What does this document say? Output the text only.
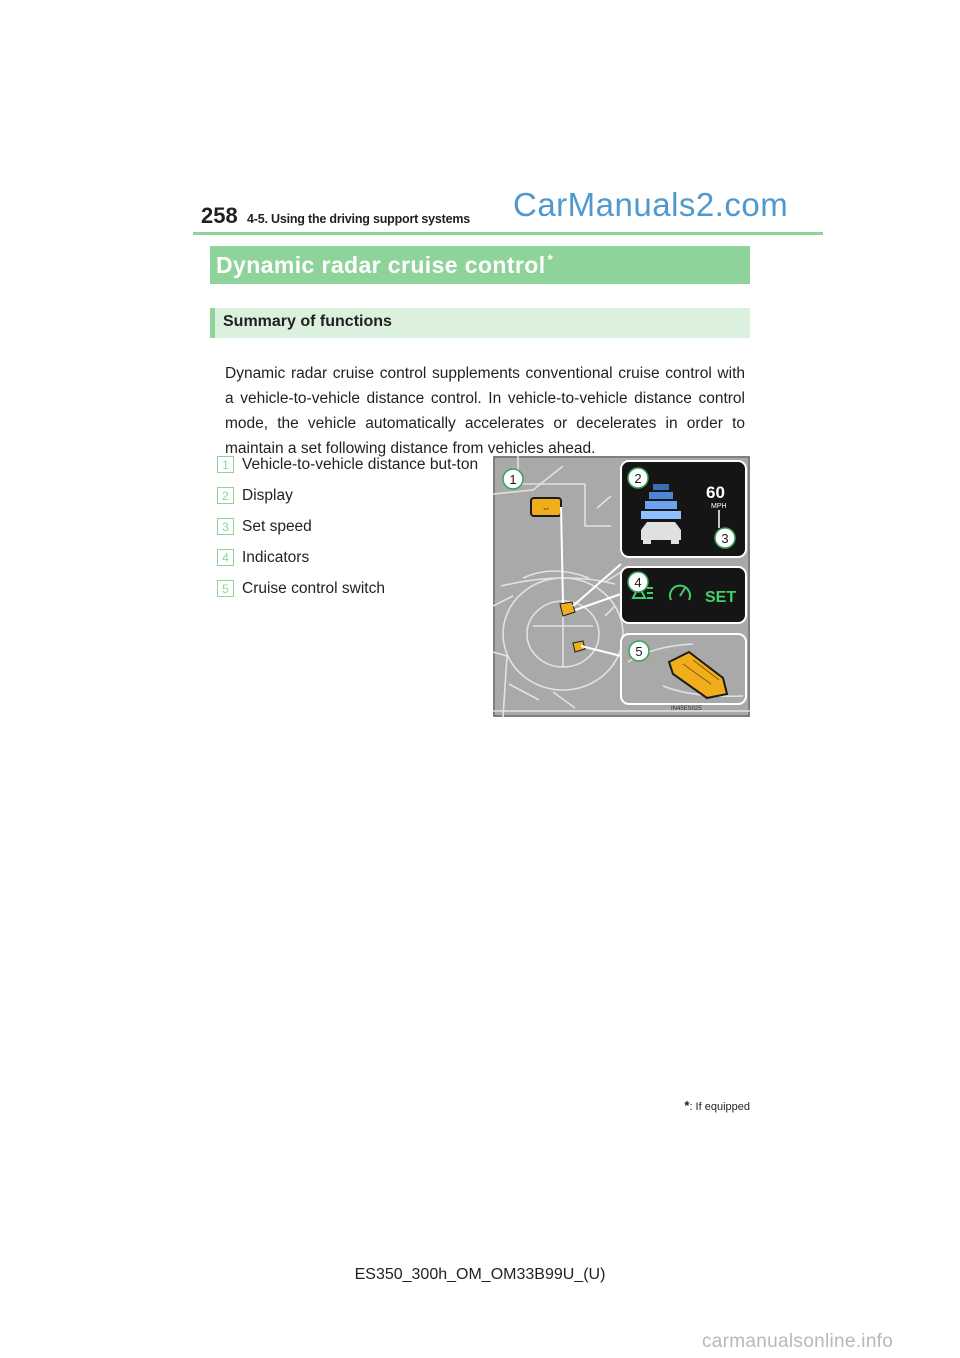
258 4-5. Using the driving support systems CarManuals2.com
Dynamic radar cruise control *
Summary of functions

Dynamic radar cruise control supplements conventional cruise control with a vehicle-to-vehicle distance control. In vehicle-to-vehicle distance control mode, the vehicle automatically accelerates or decelerates in order to maintain a set following distance from vehicles ahead.

1 Vehicle-to-vehicle distance but-ton
2 Display
3 Set speed
4 Indicators
5 Cruise control switch
⇔
60
MPH
SET
1	2
3
4
5
IN45ES025
*: If equipped
ES350_300h_OM_OM33B99U_(U)
carmanualsonline.info
